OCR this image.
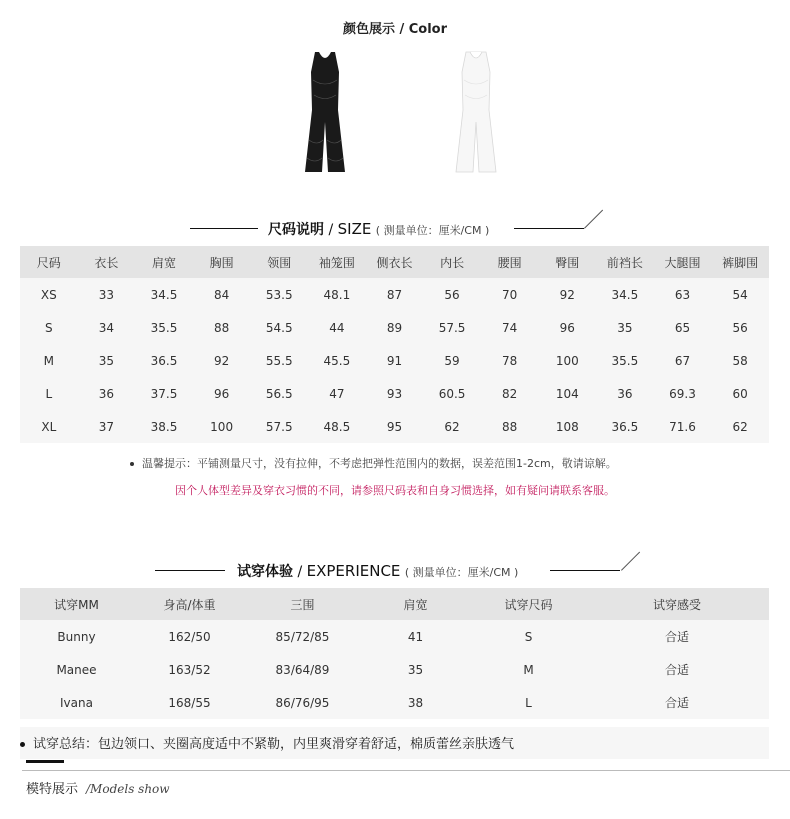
颜色展示 / Color
尺码说明 / SIZE ( 测量单位：厘米/CM )
尺码	衣长	肩宽	胸围	领围	袖笼围	侧衣长	内长	腰围	臀围	前裆长	大腿围	裤脚围
XS	33	34.5	84	53.5	48.1	87	56	70	92	34.5	63	54
S	34	35.5	88	54.5	44	89	57.5	74	96	35	65	56
M	35	36.5	92	55.5	45.5	91	59	78	100	35.5	67	58
L	36	37.5	96	56.5	47	93	60.5	82	104	36	69.3	60
XL	37	38.5	100	57.5	48.5	95	62	88	108	36.5	71.6	62
温馨提示：平铺测量尺寸，没有拉伸，不考虑把弹性范围内的数据，误差范围1-2cm，敬请谅解。
因个人体型差异及穿衣习惯的不同，请参照尺码表和自身习惯选择，如有疑问请联系客服。
试穿体验 / EXPERIENCE ( 测量单位：厘米/CM )
试穿MM	身高/体重	三围	肩宽	试穿尺码	试穿感受
Bunny	162/50	85/72/85	41	S	合适
Manee	163/52	83/64/89	35	M	合适
Ivana	168/55	86/76/95	38	L	合适
试穿总结：包边领口、夹圈高度适中不紧勒，内里爽滑穿着舒适，棉质蕾丝亲肤透气
模特展示 /Models show
